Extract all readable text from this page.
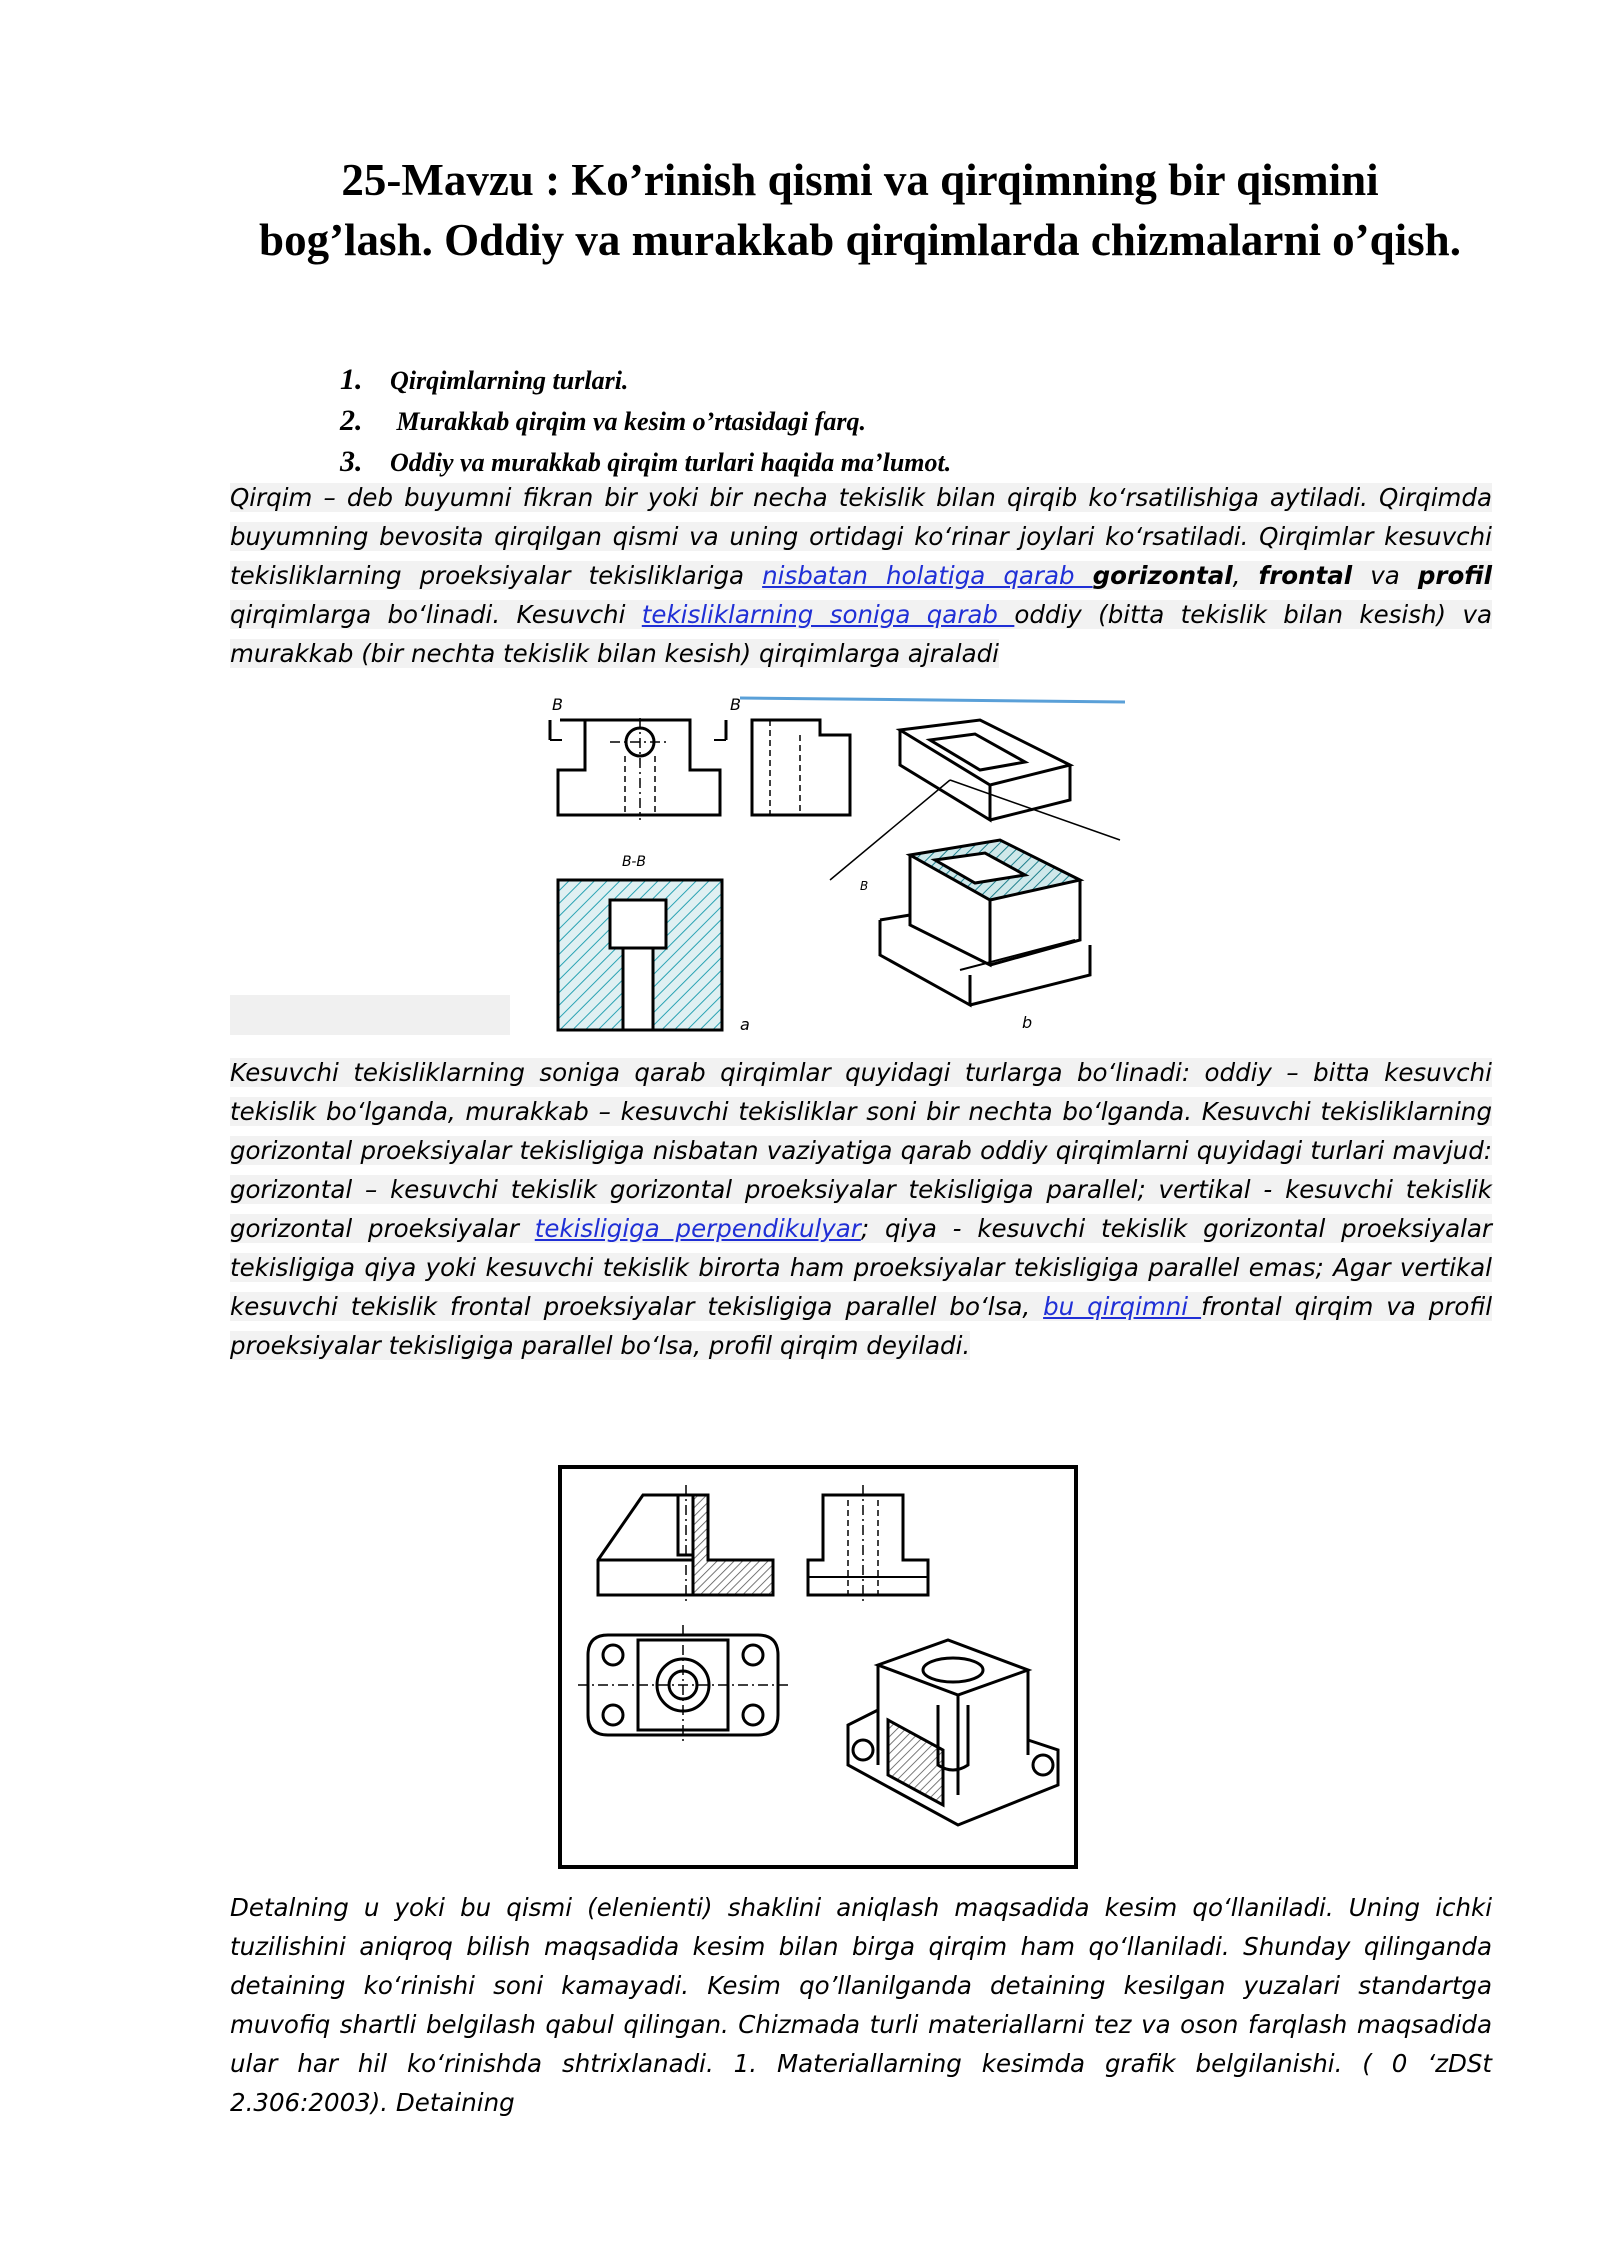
25-Mavzu : Ko’rinish qismi va qirqimning bir qismini bog’lash. Oddiy va murakkab qirqimlarda chizmalarni o’qish.
1. Qirqimlarning turlari.
2. Murakkab qirqim va kesim o’rtasidagi farq.
3. Oddiy va murakkab qirqim turlari haqida ma’lumot.
Qirqim – deb buyumni fikran bir yoki bir necha tekislik bilan qirqib ko‘rsatilishiga aytiladi. Qirqimda buyumning bevosita qirqilgan qismi va uning ortidagi ko‘rinar joylari ko‘rsatiladi. Qirqimlar kesuvchi tekisliklarning proeksiyalar tekisliklariga nisbatan holatiga qarab gorizontal, frontal va profil qirqimlarga bo‘linadi. Kesuvchi tekisliklarning soniga qarab oddiy (bitta tekislik bilan kesish) va murakkab (bir nechta tekislik bilan kesish) qirqimlarga ajraladi
B	B
B-B
a
B
b
Kesuvchi tekisliklarning soniga qarab qirqimlar quyidagi turlarga bo‘linadi: oddiy – bitta kesuvchi tekislik bo‘lganda, murakkab – kesuvchi tekisliklar soni bir nechta bo‘lganda. Kesuvchi tekisliklarning gorizontal proeksiyalar tekisligiga nisbatan vaziyatiga qarab oddiy qirqimlarni quyidagi turlari mavjud: gorizontal – kesuvchi tekislik gorizontal proeksiyalar tekisligiga parallel; vertikal - kesuvchi tekislik gorizontal proeksiyalar tekisligiga perpendikulyar; qiya - kesuvchi tekislik gorizontal proeksiyalar tekisligiga qiya yoki kesuvchi tekislik birorta ham proeksiyalar tekisligiga parallel emas; Agar vertikal kesuvchi tekislik frontal proeksiyalar tekisligiga parallel bo‘lsa, bu qirqimni frontal qirqim va profil proeksiyalar tekisligiga parallel bo‘lsa, profil qirqim deyiladi.
Detalning u yoki bu qismi (elenienti) shaklini aniqlash maqsadida kesim qo‘llaniladi. Uning ichki tuzilishini aniqroq bilish maqsadida kesim bilan birga qirqim ham qo‘llaniladi. Shunday qilinganda detaining ko‘rinishi soni kamayadi. Kesim qo’llanilganda detaining kesilgan yuzalari standartga muvofiq shartli belgilash qabul qilingan. Chizmada turli materiallarni tez va oson farqlash maqsadida ular har hil ko‘rinishda shtrixlanadi. 1. Materiallarning kesimda grafik belgilanishi. ( 0 ‘zDSt 2.306:2003). Detaining
